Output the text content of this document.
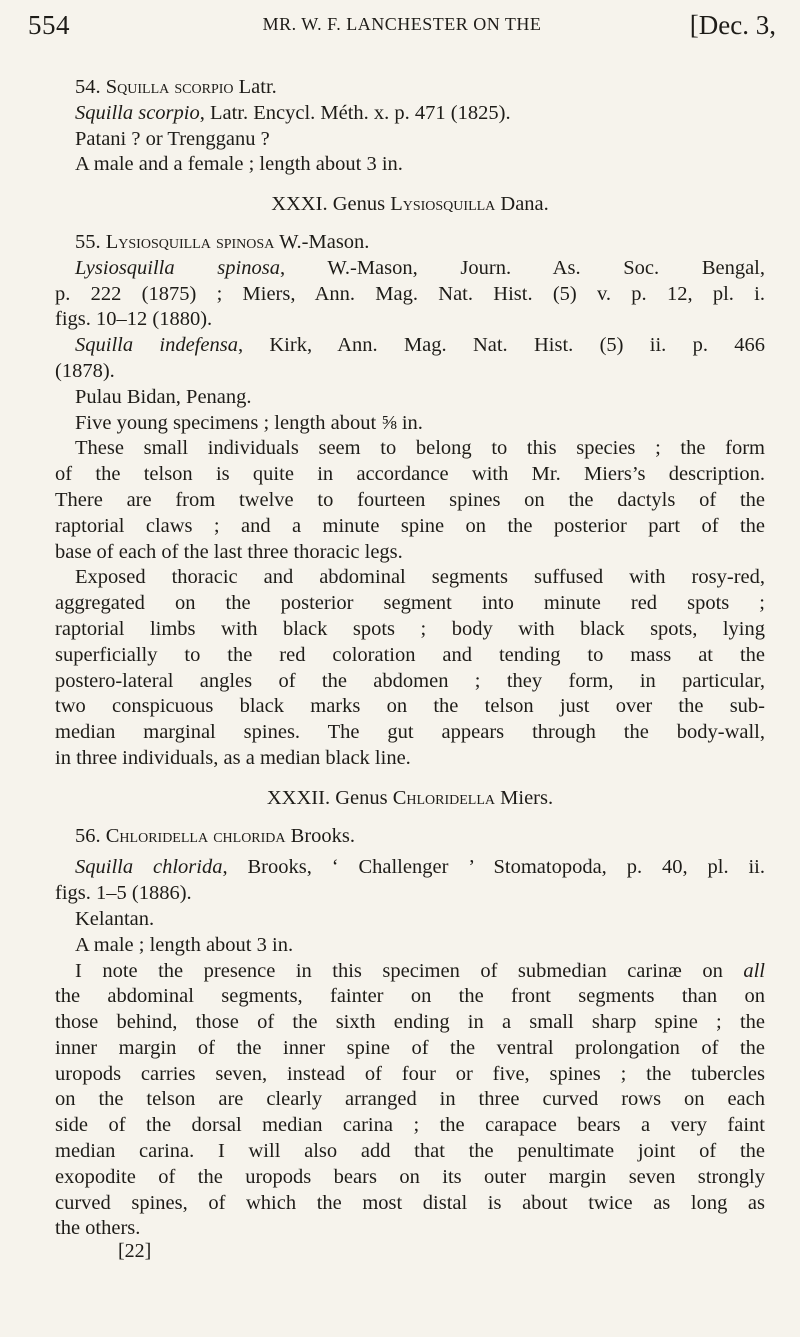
554	MR. W. F. LANCHESTER ON THE	[Dec. 3,
54. Squilla scorpio Latr.
Squilla scorpio, Latr. Encycl. Méth. x. p. 471 (1825).
Patani ? or Trengganu ?
A male and a female ; length about 3 in.
XXXI. Genus Lysiosquilla Dana.
55. Lysiosquilla spinosa W.-Mason.
Lysiosquilla spinosa, W.-Mason, Journ. As. Soc. Bengal,
p. 222 (1875) ; Miers, Ann. Mag. Nat. Hist. (5) v. p. 12, pl. i.
figs. 10–12 (1880).
Squilla indefensa, Kirk, Ann. Mag. Nat. Hist. (5) ii. p. 466
(1878).
Pulau Bidan, Penang.
Five young specimens ; length about ⅝ in.
These small individuals seem to belong to this species ; the form
of the telson is quite in accordance with Mr. Miers’s description.
There are from twelve to fourteen spines on the dactyls of the
raptorial claws ; and a minute spine on the posterior part of the
base of each of the last three thoracic legs.
Exposed thoracic and abdominal segments suffused with rosy-red,
aggregated on the posterior segment into minute red spots ;
raptorial limbs with black spots ; body with black spots, lying
superficially to the red coloration and tending to mass at the
postero-lateral angles of the abdomen ; they form, in particular,
two conspicuous black marks on the telson just over the sub-
median marginal spines. The gut appears through the body-wall,
in three individuals, as a median black line.
XXXII. Genus Chloridella Miers.
56. Chloridella chlorida Brooks.
Squilla chlorida, Brooks, ‘ Challenger ’ Stomatopoda, p. 40, pl. ii.
figs. 1–5 (1886).
Kelantan.
A male ; length about 3 in.
I note the presence in this specimen of submedian carinæ on all
the abdominal segments, fainter on the front segments than on
those behind, those of the sixth ending in a small sharp spine ; the
inner margin of the inner spine of the ventral prolongation of the
uropods carries seven, instead of four or five, spines ; the tubercles
on the telson are clearly arranged in three curved rows on each
side of the dorsal median carina ; the carapace bears a very faint
median carina. I will also add that the penultimate joint of the
exopodite of the uropods bears on its outer margin seven strongly
curved spines, of which the most distal is about twice as long as
the others.
[22]
